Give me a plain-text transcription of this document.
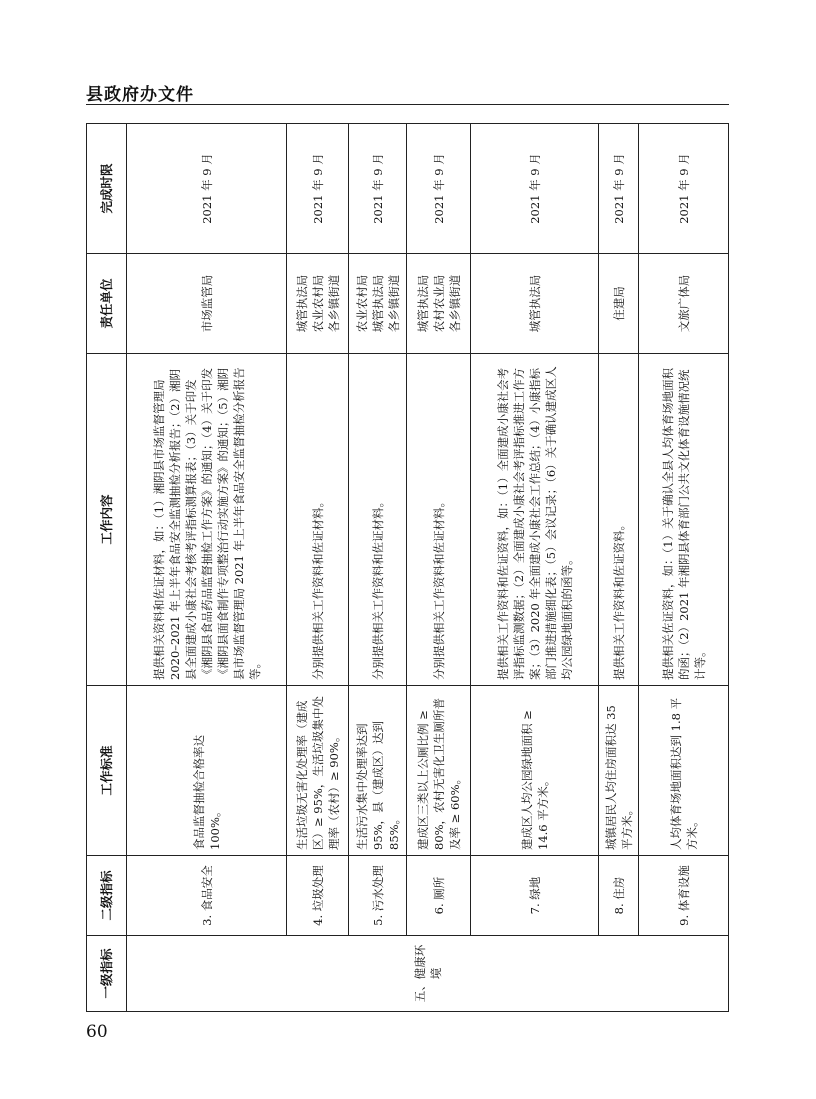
县政府办文件
一级指标	二级指标	工作标准	工作内容	责任单位	完成时限
五、健康环境	3. 食品安全	食品监督抽检合格率达 100%。	提供相关资料和佐证材料，如：（1）湘阴县市场监督管理局 2020–2021 年上半年食品安全监测抽检分析报告；（2）湘阴县全面建成小康社会考核考评指标测算报表；（3）关于印发《湘阴县食品药品监督抽检工作方案》的通知；（4）关于印发《湘阴县面食制作专项整治行动实施方案》的通知；（5）湘阴县市场监督管理局 2021 年上半年食品安全监督抽检分析报告等。	市场监管局	2021 年 9 月
	4. 垃圾处理	生活垃圾无害化处理率（建成区）≥ 95%，生活垃圾集中处理率（农村）≥ 90%。	分别提供相关工作资料和佐证材料。	城管执法局 农业农村局 各乡镇街道	2021 年 9 月
	5. 污水处理	生活污水集中处理率达到 95%，县（建成区）达到 85%。	分别提供相关工作资料和佐证材料。	农业农村局 城管执法局 各乡镇街道	2021 年 9 月
	6. 厕所	建成区三类以上公厕比例 ≥ 80%，农村无害化卫生厕所普及率 ≥ 60%。	分别提供相关工作资料和佐证材料。	城管执法局 农村农业局 各乡镇街道	2021 年 9 月
	7. 绿地	建成区人均公园绿地面积 ≥ 14.6 平方米。	提供相关工作资料和佐证资料，如：（1）全面建成小康社会考评指标监测数据；（2）全面建成小康社会考评指标推进工作方案；（3）2020 年全面建成小康社会工作总结；（4）小康指标部门推进措施细化表；（5）会议记录；（6）关于确认建成区人均公园绿地面积的函等。	城管执法局	2021 年 9 月
	8. 住房	城镇居民人均住房面积达 35 平方米。	提供相关工作资料和佐证资料。	住建局	2021 年 9 月
	9. 体育设施	人均体育场地面积达到 1.8 平方米。	提供相关佐证资料，如：（1）关于确认全县人均体育场地面积的函；（2）2021 年湘阴县体育部门公共文化体育设施情况统计等。	文旅广体局	2021 年 9 月
60
